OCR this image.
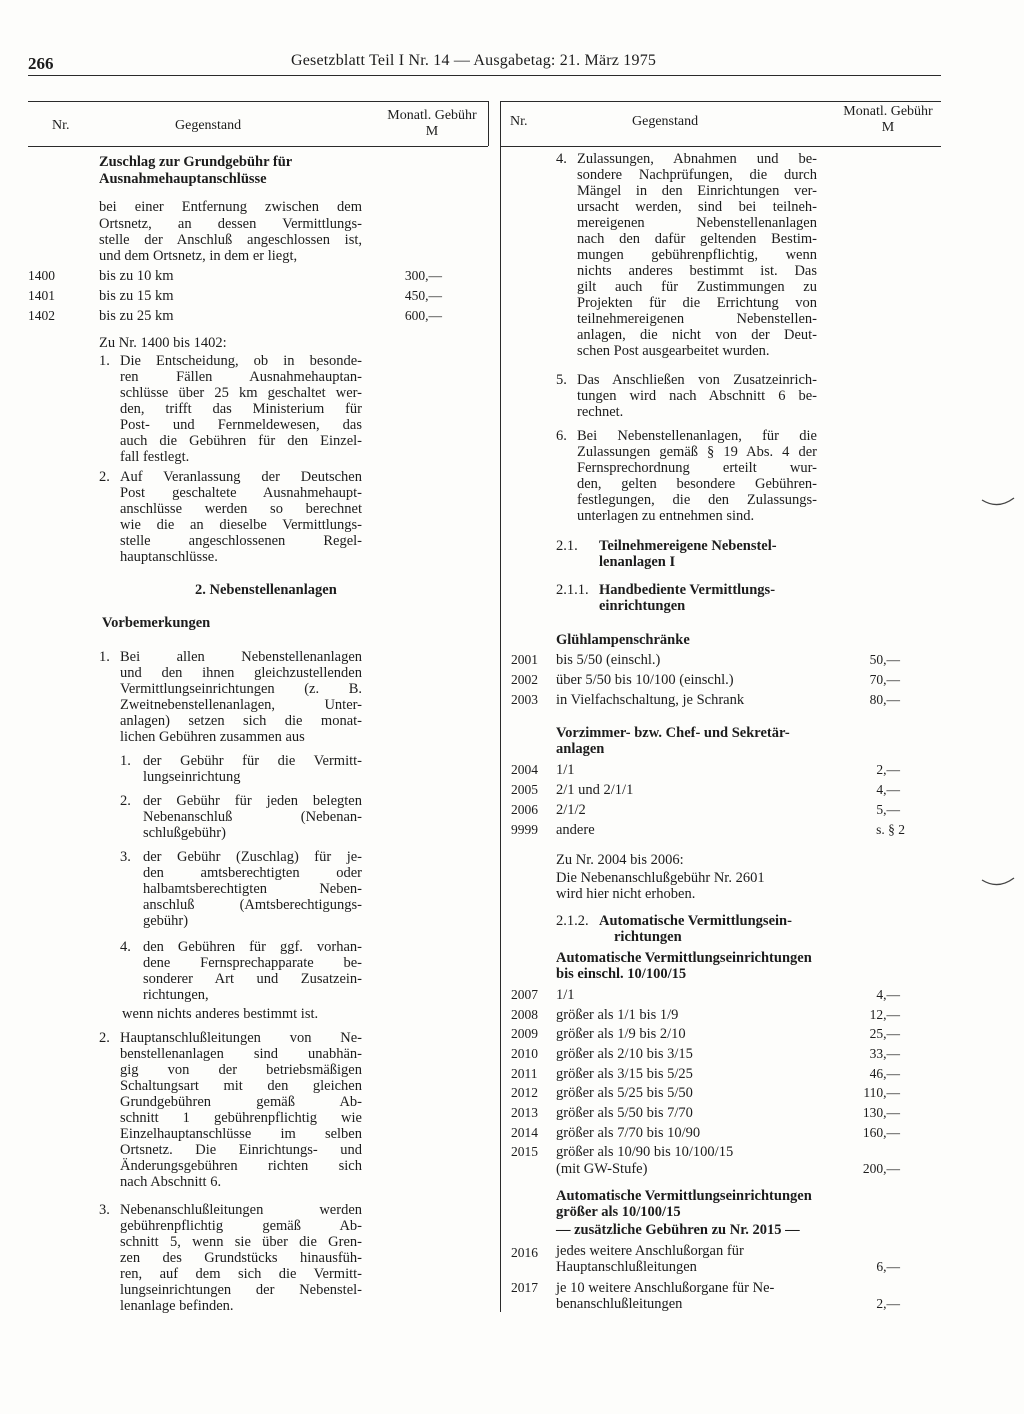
266	Gesetzblatt Teil I Nr. 14 — Ausgabetag: 21. März 1975
Nr.	Gegenstand
Monatl. Gebühr
M
Nr.	Gegenstand
Monatl. Gebühr
M
Zuschlag zur Grundgebühr für
Ausnahmehauptanschlüsse
bei einer Entfernung zwischen dem
Ortsnetz, an dessen Vermittlungs-
stelle der Anschluß angeschlossen ist,
und dem Ortsnetz, in dem er liegt,
1400	bis zu 10 km	300,—
1401	bis zu 15 km	450,—
1402	bis zu 25 km	600,—
Zu Nr. 1400 bis 1402:
1. Die Entscheidung, ob in besonde-
ren Fällen Ausnahmehauptan-
schlüsse über 25 km geschaltet wer-
den, trifft das Ministerium für
Post- und Fernmeldewesen, das
auch die Gebühren für den Einzel-
fall festlegt.
2. Auf Veranlassung der Deutschen
Post geschaltete Ausnahmehaupt-
anschlüsse werden so berechnet
wie die an dieselbe Vermittlungs-
stelle angeschlossenen Regel-
hauptanschlüsse.
2. Nebenstellenanlagen
Vorbemerkungen
1. Bei allen Nebenstellenanlagen
und den ihnen gleichzustellenden
Vermittlungseinrichtungen (z. B.
Zweitnebenstellenanlagen, Unter-
anlagen) setzen sich die monat-
lichen Gebühren zusammen aus
1. der Gebühr für die Vermitt-
lungseinrichtung
2. der Gebühr für jeden belegten
Nebenanschluß (Nebenan-
schlußgebühr)
3. der Gebühr (Zuschlag) für je-
den amtsberechtigten oder
halbamtsberechtigten Neben-
anschluß (Amtsberechtigungs-
gebühr)
4. den Gebühren für ggf. vorhan-
dene Fernsprechapparate be-
sonderer Art und Zusatzein-
richtungen,
wenn nichts anderes bestimmt ist.
2. Hauptanschlußleitungen von Ne-
benstellenanlagen sind unabhän-
gig von der betriebsmäßigen
Schaltungsart mit den gleichen
Grundgebühren gemäß Ab-
schnitt 1 gebührenpflichtig wie
Einzelhauptanschlüsse im selben
Ortsnetz. Die Einrichtungs- und
Änderungsgebühren richten sich
nach Abschnitt 6.
3. Nebenanschlußleitungen werden
gebührenpflichtig gemäß Ab-
schnitt 5, wenn sie über die Gren-
zen des Grundstücks hinausfüh-
ren, auf dem sich die Vermitt-
lungseinrichtungen der Nebenstel-
lenanlage befinden.
4. Zulassungen, Abnahmen und be-
sondere Nachprüfungen, die durch
Mängel in den Einrichtungen ver-
ursacht werden, sind bei teilneh-
mereigenen Nebenstellenanlagen
nach den dafür geltenden Bestim-
mungen gebührenpflichtig, wenn
nichts anderes bestimmt ist. Das
gilt auch für Zustimmungen zu
Projekten für die Errichtung von
teilnehmereigenen Nebenstellen-
anlagen, die nicht von der Deut-
schen Post ausgearbeitet wurden.
5. Das Anschließen von Zusatzeinrich-
tungen wird nach Abschnitt 6 be-
rechnet.
6. Bei Nebenstellenanlagen, für die
Zulassungen gemäß § 19 Abs. 4 der
Fernsprechordnung erteilt wur-
den, gelten besondere Gebühren-
festlegungen, die den Zulassungs-
unterlagen zu entnehmen sind.
2.1. Teilnehmereigene Nebenstel-
lenanlagen I
2.1.1. Handbediente Vermittlungs-
einrichtungen
Glühlampenschränke
2001 bis 5/50 (einschl.)	50,—
2002 über 5/50 bis 10/100 (einschl.)	70,—
2003 in Vielfachschaltung, je Schrank	80,—
Vorzimmer- bzw. Chef- und Sekretär-
anlagen
2004 1/1	2,—
2005 2/1 und 2/1/1	4,—
2006 2/1/2	5,—
9999 andere	s. § 2
Zu Nr. 2004 bis 2006:
Die Nebenanschlußgebühr Nr. 2601
wird hier nicht erhoben.
2.1.2. Automatische Vermittlungsein-
richtungen
Automatische Vermittlungseinrichtungen
bis einschl. 10/100/15
2007 1/1	4,—
2008 größer als 1/1 bis 1/9	12,—
2009 größer als 1/9 bis 2/10	25,—
2010 größer als 2/10 bis 3/15	33,—
2011 größer als 3/15 bis 5/25	46,—
2012 größer als 5/25 bis 5/50	110,—
2013 größer als 5/50 bis 7/70	130,—
2014 größer als 7/70 bis 10/90	160,—
2015 größer als 10/90 bis 10/100/15
(mit GW-Stufe)	200,—
Automatische Vermittlungseinrichtungen
größer als 10/100/15
— zusätzliche Gebühren zu Nr. 2015 —
2016 jedes weitere Anschlußorgan für
Hauptanschlußleitungen	6,—
2017 je 10 weitere Anschlußorgane für Ne-
benanschlußleitungen	2,—
